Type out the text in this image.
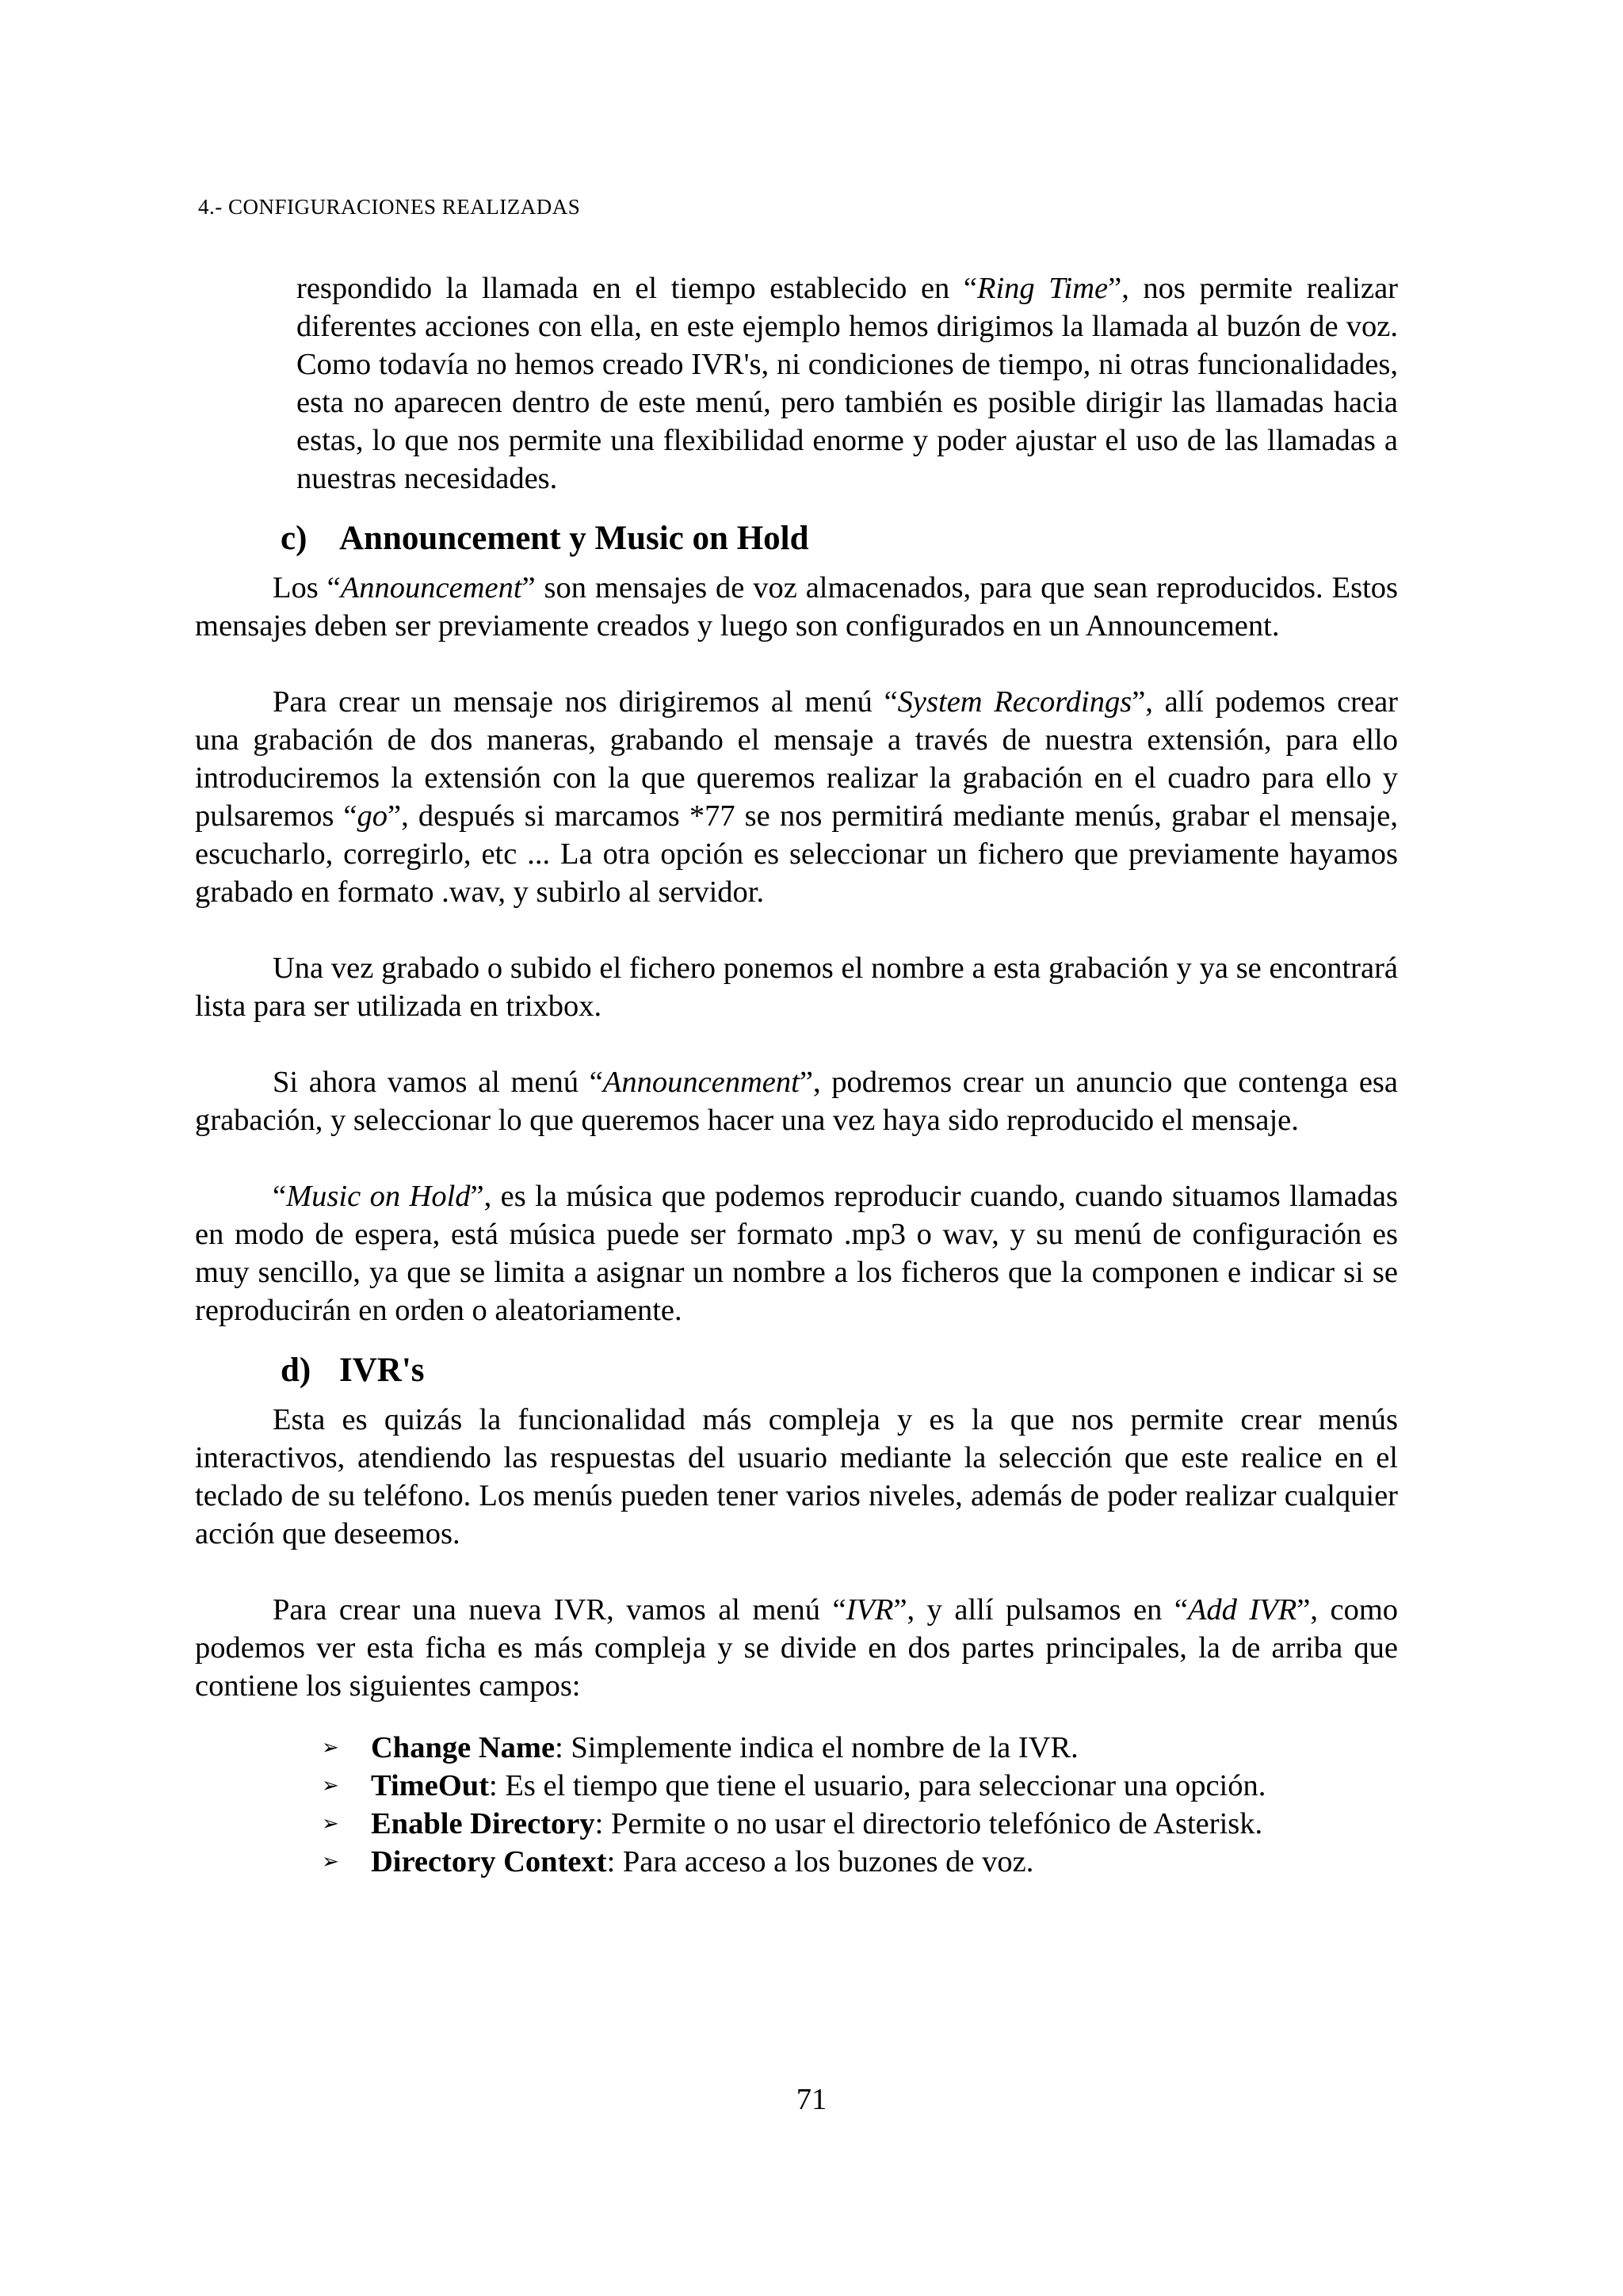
4.- CONFIGURACIONES REALIZADAS

respondido la llamada en el tiempo establecido en “Ring Time”, nos permite realizar diferentes acciones con ella, en este ejemplo hemos dirigimos la llamada al buzón de voz. Como todavía no hemos creado IVR's, ni condiciones de tiempo, ni otras funcionalidades, esta no aparecen dentro de este menú, pero también es posible dirigir las llamadas hacia estas, lo que nos permite una flexibilidad enorme y poder ajustar el uso de las llamadas a nuestras necesidades.

c) Announcement y Music on Hold

Los “Announcement” son mensajes de voz almacenados, para que sean reproducidos. Estos mensajes deben ser previamente creados y luego son configurados en un Announcement.

Para crear un mensaje nos dirigiremos al menú “System Recordings”, allí podemos crear una grabación de dos maneras, grabando el mensaje a través de nuestra extensión, para ello introduciremos la extensión con la que queremos realizar la grabación en el cuadro para ello y pulsaremos “go”, después si marcamos *77 se nos permitirá mediante menús, grabar el mensaje, escucharlo, corregirlo, etc ... La otra opción es seleccionar un fichero que previamente hayamos grabado en formato .wav, y subirlo al servidor.

Una vez grabado o subido el fichero ponemos el nombre a esta grabación y ya se encontrará lista para ser utilizada en trixbox.

Si ahora vamos al menú “Announcenment”, podremos crear un anuncio que contenga esa grabación, y seleccionar lo que queremos hacer una vez haya sido reproducido el mensaje.

“Music on Hold”, es la música que podemos reproducir cuando, cuando situamos llamadas en modo de espera, está música puede ser formato .mp3 o wav, y su menú de configuración es muy sencillo, ya que se limita a asignar un nombre a los ficheros que la componen e indicar si se reproducirán en orden o aleatoriamente.

d) IVR's

Esta es quizás la funcionalidad más compleja y es la que nos permite crear menús interactivos, atendiendo las respuestas del usuario mediante la selección que este realice en el teclado de su teléfono. Los menús pueden tener varios niveles, además de poder realizar cualquier acción que deseemos.

Para crear una nueva IVR, vamos al menú “IVR”, y allí pulsamos en “Add IVR”, como podemos ver esta ficha es más compleja y se divide en dos partes principales, la de arriba que contiene los siguientes campos:

➢ Change Name: Simplemente indica el nombre de la IVR.
➢ TimeOut: Es el tiempo que tiene el usuario, para seleccionar una opción.
➢ Enable Directory: Permite o no usar el directorio telefónico de Asterisk.
➢ Directory Context: Para acceso a los buzones de voz.
71
